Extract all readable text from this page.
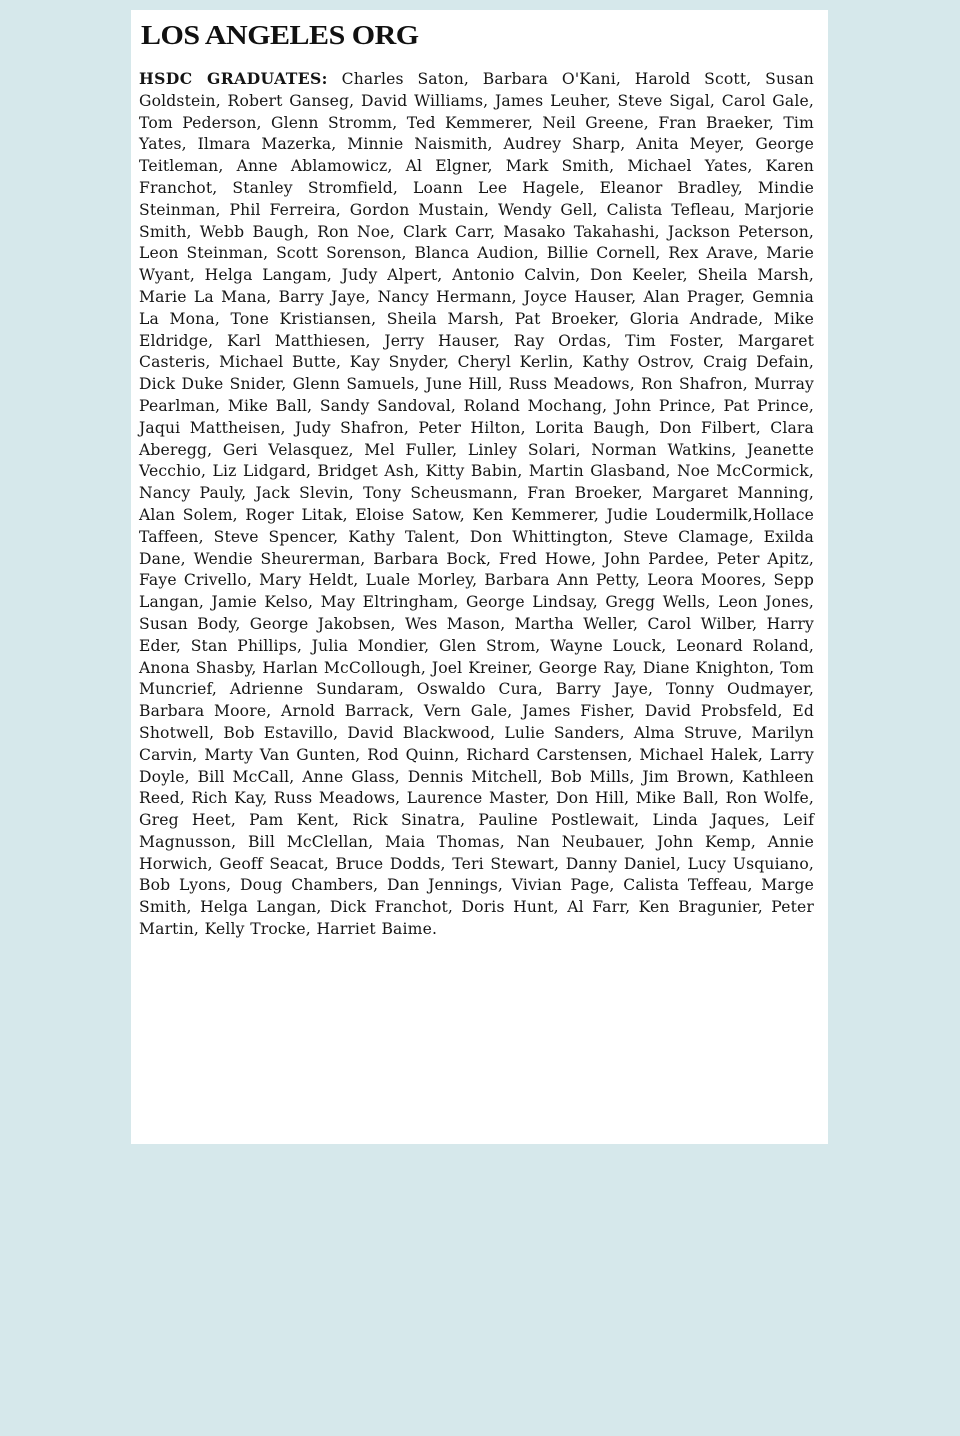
LOS ANGELES ORG

HSDC GRADUATES: Charles Saton, Barbara O'Kani, Harold Scott, Susan Goldstein, Robert Ganseg, David Williams, James Leuher, Steve Sigal, Carol Gale, Tom Pederson, Glenn Stromm, Ted Kemmerer, Neil Greene, Fran Braeker, Tim Yates, Ilmara Mazerka, Minnie Naismith, Audrey Sharp, Anita Meyer, George Teitleman, Anne Ablamowicz, Al Elgner, Mark Smith, Michael Yates, Karen Franchot, Stanley Stromfield, Loann Lee Hagele, Eleanor Bradley, Mindie Steinman, Phil Ferreira, Gordon Mustain, Wendy Gell, Calista Tefleau, Marjorie Smith, Webb Baugh, Ron Noe, Clark Carr, Masako Takahashi, Jackson Peterson, Leon Steinman, Scott Sorenson, Blanca Audion, Billie Cornell, Rex Arave, Marie Wyant, Helga Langam, Judy Alpert, Antonio Calvin, Don Keeler, Sheila Marsh, Marie La Mana, Barry Jaye, Nancy Hermann, Joyce Hauser, Alan Prager, Gemnia La Mona, Tone Kristiansen, Sheila Marsh, Pat Broeker, Gloria Andrade, Mike Eldridge, Karl Matthiesen, Jerry Hauser, Ray Ordas, Tim Foster, Margaret Casteris, Michael Butte, Kay Snyder, Cheryl Kerlin, Kathy Ostrov, Craig Defain, Dick Duke Snider, Glenn Samuels, June Hill, Russ Meadows, Ron Shafron, Murray Pearlman, Mike Ball, Sandy Sandoval, Roland Mochang, John Prince, Pat Prince, Jaqui Mattheisen, Judy Shafron, Peter Hilton, Lorita Baugh, Don Filbert, Clara Aberegg, Geri Velasquez, Mel Fuller, Linley Solari, Norman Watkins, Jeanette Vecchio, Liz Lidgard, Bridget Ash, Kitty Babin, Martin Glasband, Noe McCormick, Nancy Pauly, Jack Slevin, Tony Scheusmann, Fran Broeker, Margaret Manning, Alan Solem, Roger Litak, Eloise Satow, Ken Kemmerer, Judie Loudermilk,Hollace Taffeen, Steve Spencer, Kathy Talent, Don Whittington, Steve Clamage, Exilda Dane, Wendie Sheurerman, Barbara Bock, Fred Howe, John Pardee, Peter Apitz, Faye Crivello, Mary Heldt, Luale Morley, Barbara Ann Petty, Leora Moores, Sepp Langan, Jamie Kelso, May Eltringham, George Lindsay, Gregg Wells, Leon Jones, Susan Body, George Jakobsen, Wes Mason, Martha Weller, Carol Wilber, Harry Eder, Stan Phillips, Julia Mondier, Glen Strom, Wayne Louck, Leonard Roland, Anona Shasby, Harlan McCollough, Joel Kreiner, George Ray, Diane Knighton, Tom Muncrief, Adrienne Sundaram, Oswaldo Cura, Barry Jaye, Tonny Oudmayer, Barbara Moore, Arnold Barrack, Vern Gale, James Fisher, David Probsfeld, Ed Shotwell, Bob Estavillo, David Blackwood, Lulie Sanders, Alma Struve, Marilyn Carvin, Marty Van Gunten, Rod Quinn, Richard Carstensen, Michael Halek, Larry Doyle, Bill McCall, Anne Glass, Dennis Mitchell, Bob Mills, Jim Brown, Kathleen Reed, Rich Kay, Russ Meadows, Laurence Master, Don Hill, Mike Ball, Ron Wolfe, Greg Heet, Pam Kent, Rick Sinatra, Pauline Postlewait, Linda Jaques, Leif Magnusson, Bill McClellan, Maia Thomas, Nan Neubauer, John Kemp, Annie Horwich, Geoff Seacat, Bruce Dodds, Teri Stewart, Danny Daniel, Lucy Usquiano, Bob Lyons, Doug Chambers, Dan Jennings, Vivian Page, Calista Teffeau, Marge Smith, Helga Langan, Dick Franchot, Doris Hunt, Al Farr, Ken Bragunier, Peter Martin, Kelly Trocke, Harriet Baime.
